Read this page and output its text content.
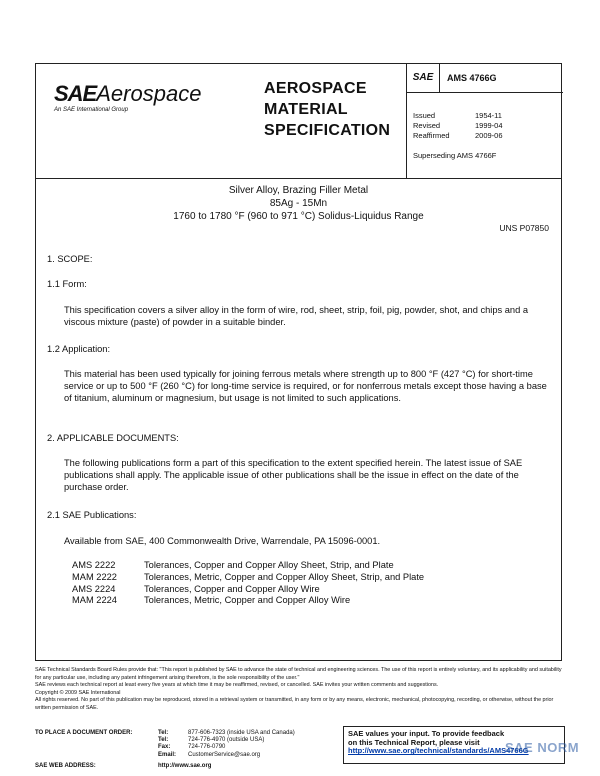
SAEAerospace
An SAE International Group
AEROSPACE
MATERIAL
SPECIFICATION
SAE	AMS 4766G
Issued	1954-11
Revised	1999-04
Reaffirmed	2009-06
Superseding AMS 4766F
Silver Alloy, Brazing Filler Metal
85Ag - 15Mn
1760 to 1780 °F (960 to 971 °C) Solidus-Liquidus Range
UNS P07850
1. SCOPE:
1.1 Form:

This specification covers a silver alloy in the form of wire, rod, sheet, strip, foil, pig, powder, shot, and chips and a viscous mixture (paste) of powder in a suitable binder.

1.2 Application:

This material has been used typically for joining ferrous metals where strength up to 800 °F (427 °C) for short-time service or up to 500 °F (260 °C) for long-time service is required, or for nonferrous metals except those having a base of titanium, aluminum or magnesium, but usage is not limited to such applications.

2. APPLICABLE DOCUMENTS:

The following publications form a part of this specification to the extent specified herein. The latest issue of SAE publications shall apply. The applicable issue of other publications shall be the issue in effect on the date of the purchase order.

2.1 SAE Publications:

Available from SAE, 400 Commonwealth Drive, Warrendale, PA 15096-0001.

AMS 2222	Tolerances, Copper and Copper Alloy Sheet, Strip, and Plate
MAM 2222	Tolerances, Metric, Copper and Copper Alloy Sheet, Strip, and Plate
AMS 2224	Tolerances, Copper and Copper Alloy Wire
MAM 2224	Tolerances, Metric, Copper and Copper Alloy Wire

SAE Technical Standards Board Rules provide that: "This report is published by SAE to advance the state of technical and engineering sciences. The use of this report is entirely voluntary, and its applicability and suitability for any particular use, including any patent infringement arising therefrom, is the sole responsibility of the user."

SAE reviews each technical report at least every five years at which time it may be reaffirmed, revised, or cancelled. SAE invites your written comments and suggestions.

Copyright © 2009 SAE International

All rights reserved. No part of this publication may be reproduced, stored in a retrieval system or transmitted, in any form or by any means, electronic, mechanical, photocopying, recording, or otherwise, without the prior written permission of SAE.

TO PLACE A DOCUMENT ORDER:	Tel:	877-606-7323 (inside USA and Canada)
Tel:	724-776-4970 (outside USA)
Fax:	724-776-0790
Email: CustomerService@sae.org
SAE WEB ADDRESS:	http://www.sae.org
SAE values your input. To provide feedback
on this Technical Report, please visit
http://www.sae.org/technical/standards/AMS4766G
SAE NORM
